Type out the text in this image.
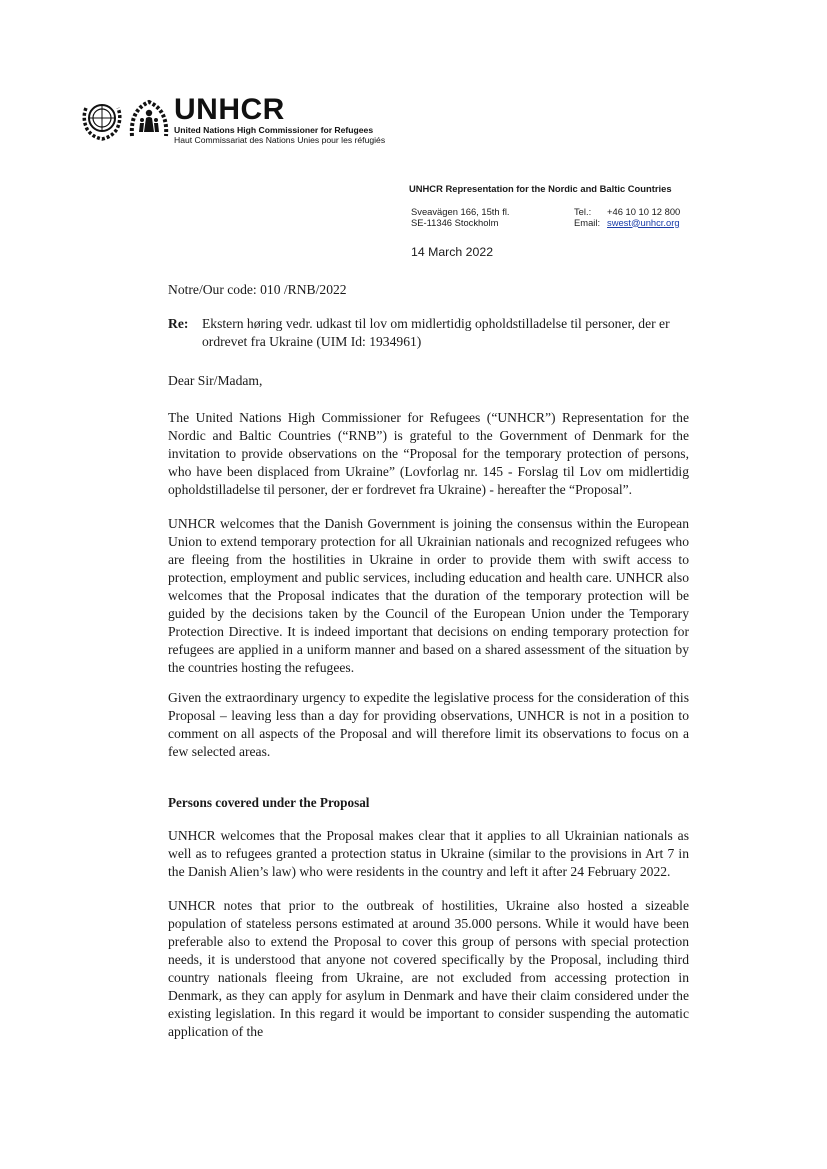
UNHCR
United Nations High Commissioner for Refugees
Haut Commissariat des Nations Unies pour les réfugiés
UNHCR Representation for the Nordic and Baltic Countries
Sveavägen 166, 15th fl.
SE-11346 Stockholm
Tel.: +46 10 10 12 800
Email: swest@unhcr.org
14 March 2022
Notre/Our code: 010 /RNB/2022
Re: Ekstern høring vedr. udkast til lov om midlertidig opholdstilladelse til personer, der er ordrevet fra Ukraine (UIM Id: 1934961)
Dear Sir/Madam,
The United Nations High Commissioner for Refugees (“UNHCR”) Representation for the Nordic and Baltic Countries (“RNB”) is grateful to the Government of Denmark for the invitation to provide observations on the “Proposal for the temporary protection of persons, who have been displaced from Ukraine” (Lovforlag nr. 145 - Forslag til Lov om midlertidig opholdstilladelse til personer, der er fordrevet fra Ukraine) - hereafter the “Proposal”.
UNHCR welcomes that the Danish Government is joining the consensus within the European Union to extend temporary protection for all Ukrainian nationals and recognized refugees who are fleeing from the hostilities in Ukraine in order to provide them with swift access to protection, employment and public services, including education and health care. UNHCR also welcomes that the Proposal indicates that the duration of the temporary protection will be guided by the decisions taken by the Council of the European Union under the Temporary Protection Directive. It is indeed important that decisions on ending temporary protection for refugees are applied in a uniform manner and based on a shared assessment of the situation by the countries hosting the refugees.
Given the extraordinary urgency to expedite the legislative process for the consideration of this Proposal – leaving less than a day for providing observations, UNHCR is not in a position to comment on all aspects of the Proposal and will therefore limit its observations to focus on a few selected areas.
Persons covered under the Proposal
UNHCR welcomes that the Proposal makes clear that it applies to all Ukrainian nationals as well as to refugees granted a protection status in Ukraine (similar to the provisions in Art 7 in the Danish Alien’s law) who were residents in the country and left it after 24 February 2022.
UNHCR notes that prior to the outbreak of hostilities, Ukraine also hosted a sizeable population of stateless persons estimated at around 35.000 persons. While it would have been preferable also to extend the Proposal to cover this group of persons with special protection needs, it is understood that anyone not covered specifically by the Proposal, including third country nationals fleeing from Ukraine, are not excluded from accessing protection in Denmark, as they can apply for asylum in Denmark and have their claim considered under the existing legislation. In this regard it would be important to consider suspending the automatic application of the
